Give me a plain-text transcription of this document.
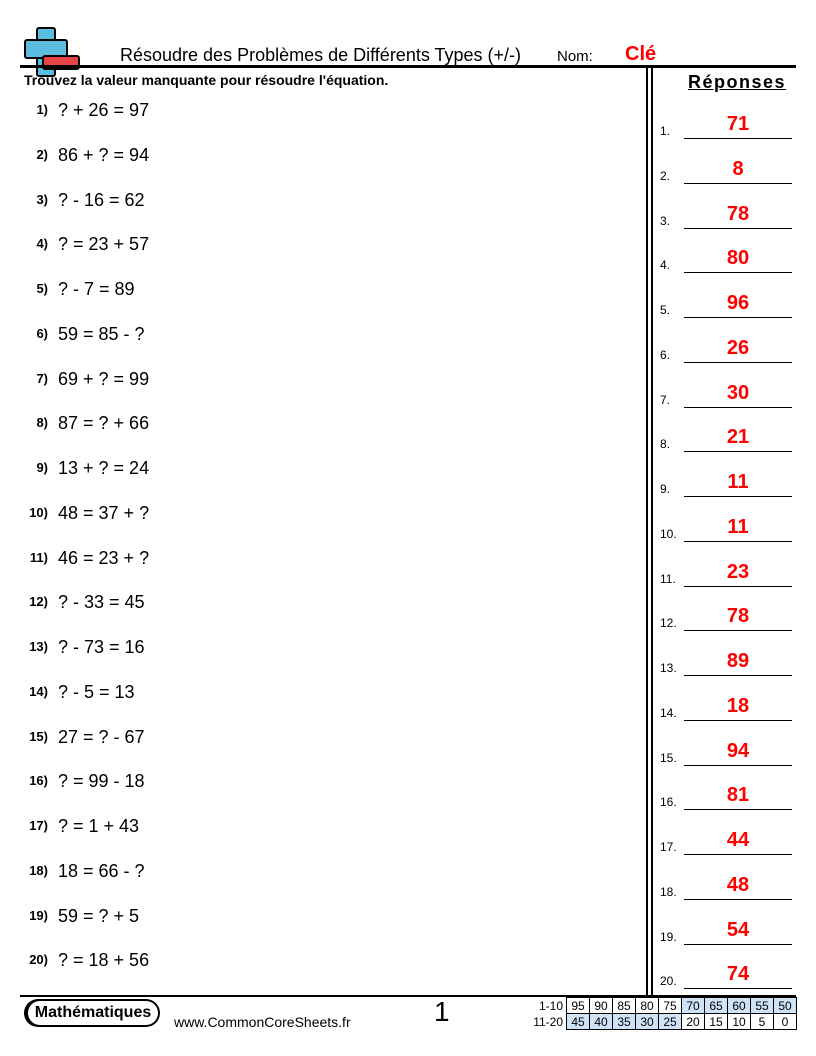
Résoudre des Problèmes de Différents Types (+/-) Nom: Clé
Trouvez la valeur manquante pour résoudre l'équation.	Réponses
Mathématiques
www.CommonCoreSheets.fr	1	1-10	95	90	85	80	75	70	65	60	55	50
11-20	45	40	35	30	25	20	15	10	5	0
1) ? + 26 = 97
2) 86 + ? = 94
3) ? - 16 = 62
4) ? = 23 + 57
5) ? - 7 = 89
6) 59 = 85 - ?
7) 69 + ? = 99
8) 87 = ? + 66
9) 13 + ? = 24
10) 48 = 37 + ?
11) 46 = 23 + ?
12) ? - 33 = 45
13) ? - 73 = 16
14) ? - 5 = 13
15) 27 = ? - 67
16) ? = 99 - 18
17) ? = 1 + 43
18) 18 = 66 - ?
19) 59 = ? + 5
20) ? = 18 + 56
1.	71
2.	8
3.	78
4.	80
5.	96
6.	26
7.	30
8.	21
9.	11
10.	11
11.	23
12.	78
13.	89
14.	18
15.	94
16.	81
17.	44
18.	48
19.	54
20.	74
